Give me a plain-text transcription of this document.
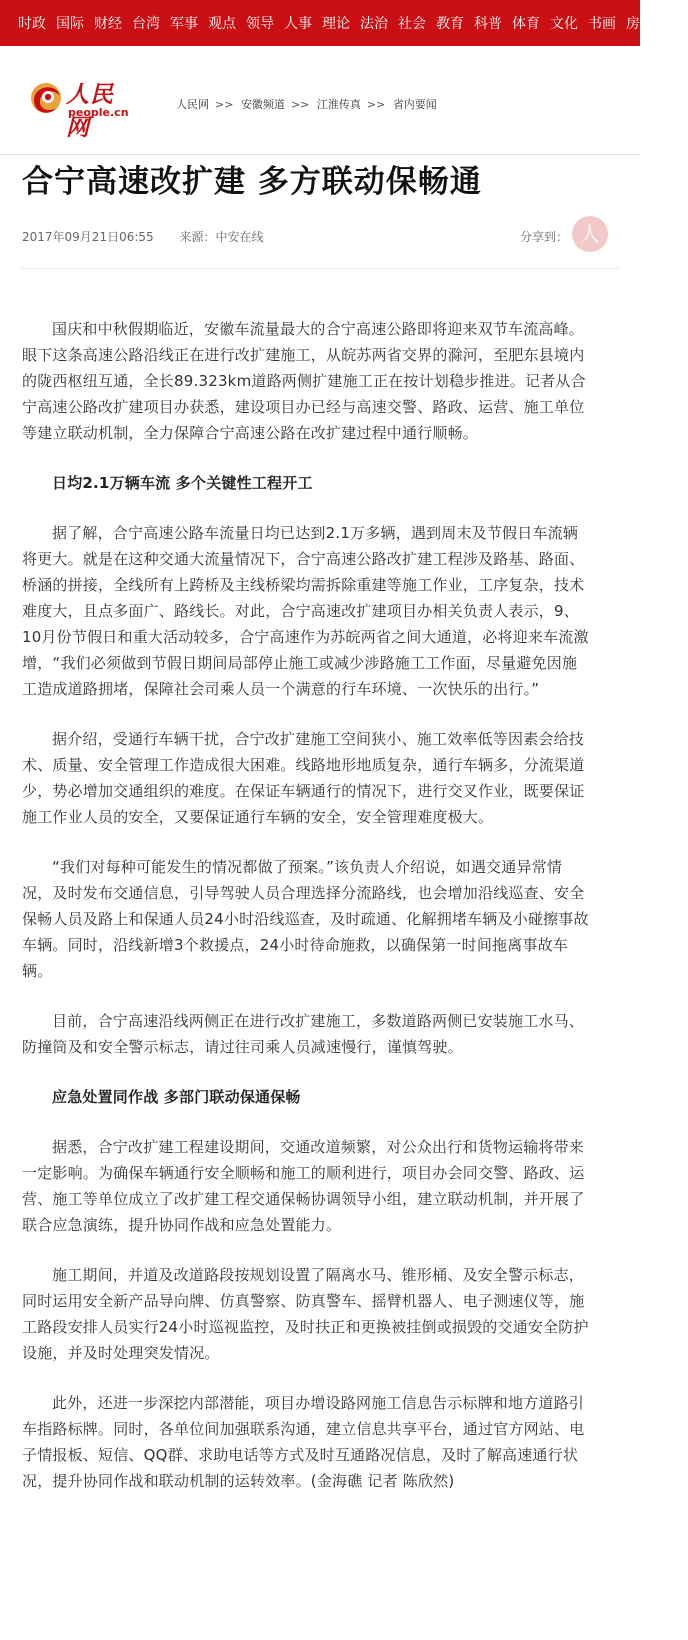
时政 国际 财经 台湾 军事 观点 领导 人事 理论 法治 社会 教育 科普 体育 文化 书画 房产 汽
人民网
people.cn
人民网 >> 安徽频道 >> 江淮传真 >> 省内要闻
合宁高速改扩建 多方联动保畅通
2017年09月21日06:55 来源：中安在线	分享到： 人

国庆和中秋假期临近，安徽车流量最大的合宁高速公路即将迎来双节车流高峰。眼下这条高速公路沿线正在进行改扩建施工，从皖苏两省交界的滁河，至肥东县境内的陇西枢纽互通，全长89.323km道路两侧扩建施工正在按计划稳步推进。记者从合宁高速公路改扩建项目办获悉，建设项目办已经与高速交警、路政、运营、施工单位等建立联动机制，全力保障合宁高速公路在改扩建过程中通行顺畅。

日均2.1万辆车流 多个关键性工程开工

据了解，合宁高速公路车流量日均已达到2.1万多辆，遇到周末及节假日车流辆将更大。就是在这种交通大流量情况下，合宁高速公路改扩建工程涉及路基、路面、桥涵的拼接，全线所有上跨桥及主线桥梁均需拆除重建等施工作业，工序复杂，技术难度大，且点多面广、路线长。对此，合宁高速改扩建项目办相关负责人表示，9、10月份节假日和重大活动较多，合宁高速作为苏皖两省之间大通道，必将迎来车流激增，“我们必须做到节假日期间局部停止施工或减少涉路施工工作面，尽量避免因施工造成道路拥堵，保障社会司乘人员一个满意的行车环境、一次快乐的出行。”

据介绍，受通行车辆干扰，合宁改扩建施工空间狭小、施工效率低等因素会给技术、质量、安全管理工作造成很大困难。线路地形地质复杂，通行车辆多，分流渠道少，势必增加交通组织的难度。在保证车辆通行的情况下，进行交叉作业，既要保证施工作业人员的安全，又要保证通行车辆的安全，安全管理难度极大。

“我们对每种可能发生的情况都做了预案。”该负责人介绍说，如遇交通异常情况，及时发布交通信息，引导驾驶人员合理选择分流路线，也会增加沿线巡查、安全保畅人员及路上和保通人员24小时沿线巡查，及时疏通、化解拥堵车辆及小碰擦事故车辆。同时，沿线新增3个救援点，24小时待命施救，以确保第一时间拖离事故车辆。

目前，合宁高速沿线两侧正在进行改扩建施工，多数道路两侧已安装施工水马、防撞筒及和安全警示标志，请过往司乘人员减速慢行，谨慎驾驶。

应急处置同作战 多部门联动保通保畅

据悉，合宁改扩建工程建设期间，交通改道频繁，对公众出行和货物运输将带来一定影响。为确保车辆通行安全顺畅和施工的顺利进行，项目办会同交警、路政、运营、施工等单位成立了改扩建工程交通保畅协调领导小组，建立联动机制，并开展了联合应急演练，提升协同作战和应急处置能力。

施工期间，并道及改道路段按规划设置了隔离水马、锥形桶、及安全警示标志，同时运用安全新产品导向牌、仿真警察、防真警车、摇臂机器人、电子测速仪等，施工路段安排人员实行24小时巡视监控，及时扶正和更换被挂倒或损毁的交通安全防护设施，并及时处理突发情况。

此外，还进一步深挖内部潜能，项目办增设路网施工信息告示标牌和地方道路引车指路标牌。同时，各单位间加强联系沟通，建立信息共享平台，通过官方网站、电子情报板、短信、QQ群、求助电话等方式及时互通路况信息，及时了解高速通行状况，提升协同作战和联动机制的运转效率。(金海礁 记者 陈欣然)
